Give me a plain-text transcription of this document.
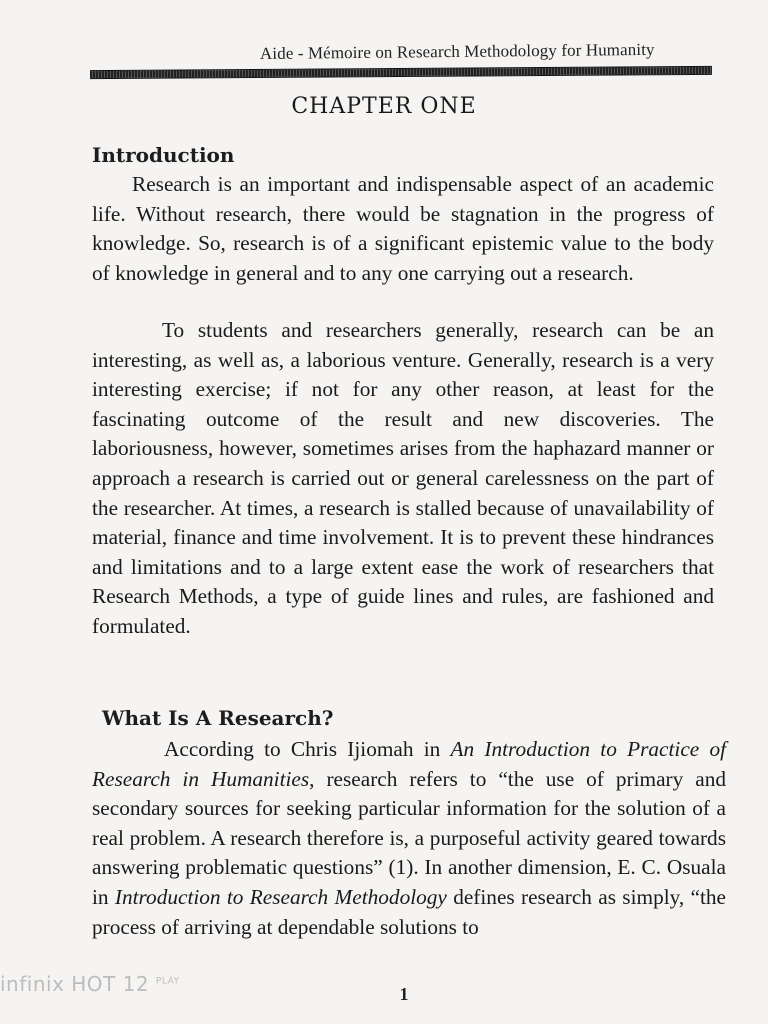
Aide - Mémoire on Research Methodology for Humanity
CHAPTER ONE
Introduction
Research is an important and indispensable aspect of an academic life. Without research, there would be stagnation in the progress of knowledge. So, research is of a significant epistemic value to the body of knowledge in general and to any one carrying out a research.
To students and researchers generally, research can be an interesting, as well as, a laborious venture. Generally, research is a very interesting exercise; if not for any other reason, at least for the fascinating outcome of the result and new discoveries. The laboriousness, however, sometimes arises from the haphazard manner or approach a research is carried out or general carelessness on the part of the researcher. At times, a research is stalled because of unavailability of material, finance and time involvement. It is to prevent these hindrances and limitations and to a large extent ease the work of researchers that Research Methods, a type of guide lines and rules, are fashioned and formulated.
What Is A Research?
According to Chris Ijiomah in An Introduction to Practice of Research in Humanities, research refers to “the use of primary and secondary sources for seeking particular information for the solution of a real problem. A research therefore is, a purposeful activity geared towards answering problematic questions” (1). In another dimension, E. C. Osuala in Introduction to Research Methodology defines research as simply, “the process of arriving at dependable solutions to
infinix HOT 12 $^{PLAY}$
1
